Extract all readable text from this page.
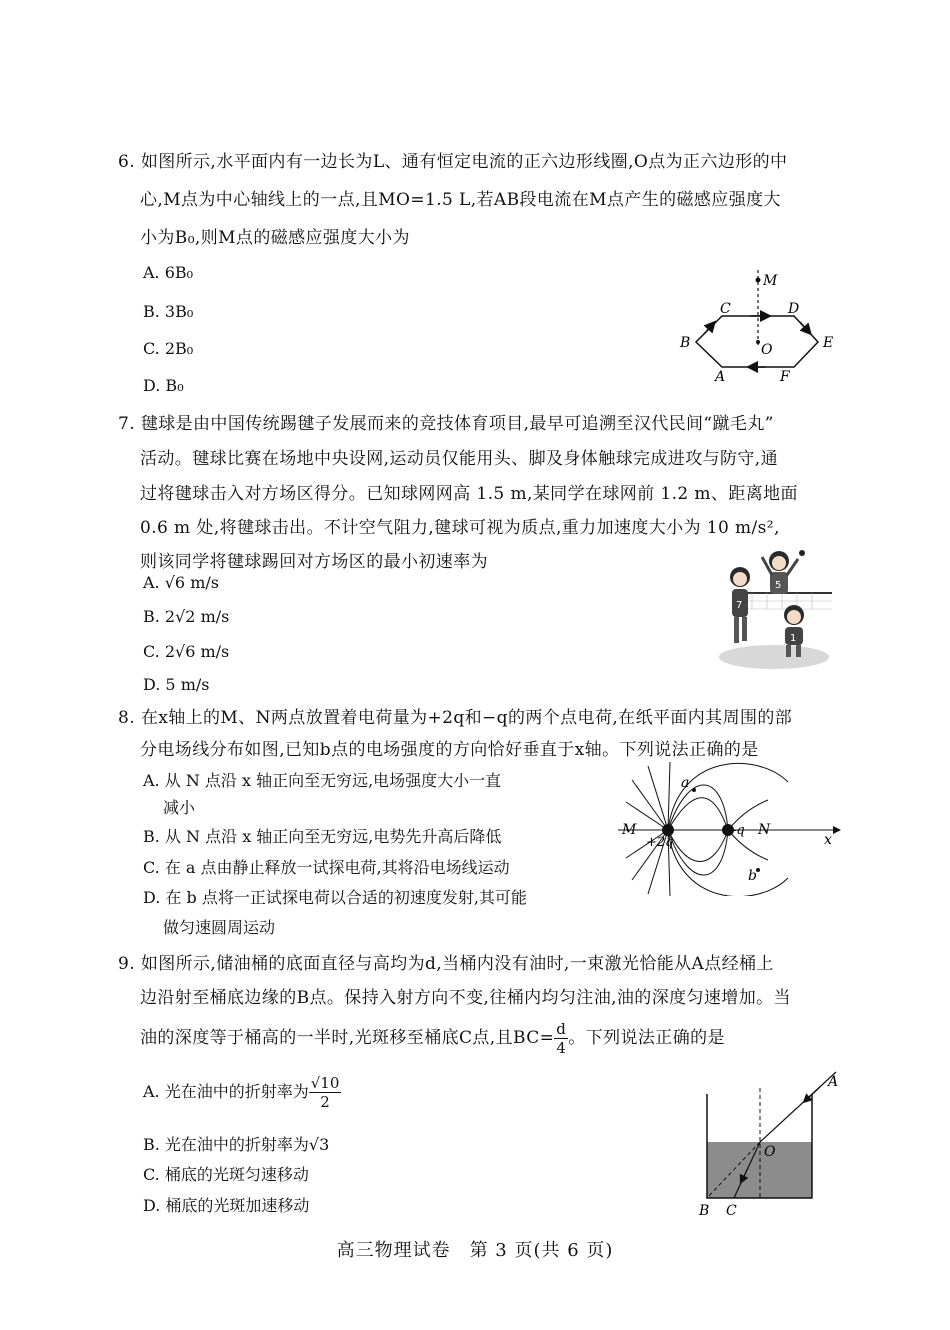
6. 如图所示,水平面内有一边长为L、通有恒定电流的正六边形线圈,O点为正六边形的中
心,M点为中心轴线上的一点,且MO=1.5 L,若AB段电流在M点产生的磁感应强度大
小为B₀,则M点的磁感应强度大小为
A. 6B₀
B. 3B₀
C. 2B₀
D. B₀
M
C	D
B	O	E
A	F
7. 毽球是由中国传统踢毽子发展而来的竞技体育项目,最早可追溯至汉代民间“蹴毛丸”
活动。毽球比赛在场地中央设网,运动员仅能用头、脚及身体触球完成进攻与防守,通
过将毽球击入对方场区得分。已知球网网高 1.5 m,某同学在球网前 1.2 m、距离地面
0.6 m 处,将毽球击出。不计空气阻力,毽球可视为质点,重力加速度大小为 10 m/s²,
则该同学将毽球踢回对方场区的最小初速率为
A. √6 m/s
B. 2√2 m/s
C. 2√6 m/s
D. 5 m/s
7
5
1
8. 在x轴上的M、N两点放置着电荷量为+2q和−q的两个点电荷,在纸平面内其周围的部
分电场线分布如图,已知b点的电场强度的方向恰好垂直于x轴。下列说法正确的是
A. 从 N 点沿 x 轴正向至无穷远,电场强度大小一直
减小
B. 从 N 点沿 x 轴正向至无穷远,电势先升高后降低
C. 在 a 点由静止释放一试探电荷,其将沿电场线运动
D. 在 b 点将一正试探电荷以合适的初速度发射,其可能
做匀速圆周运动
a
M
+2q
-q N
x
b
9. 如图所示,储油桶的底面直径与高均为d,当桶内没有油时,一束激光恰能从A点经桶上
边沿射至桶底边缘的B点。保持入射方向不变,往桶内均匀注油,油的深度匀速增加。当
油的深度等于桶高的一半时,光斑移至桶底C点,且$BC= \frac{d}{4}$ 。下列说法正确的是
A. 光在油中的折射率为 $\frac{√10}{2}$
B. 光在油中的折射率为√3
C. 桶底的光斑匀速移动
D. 桶底的光斑加速移动
A
O
B C
高三物理试卷　第 3 页(共 6 页)
